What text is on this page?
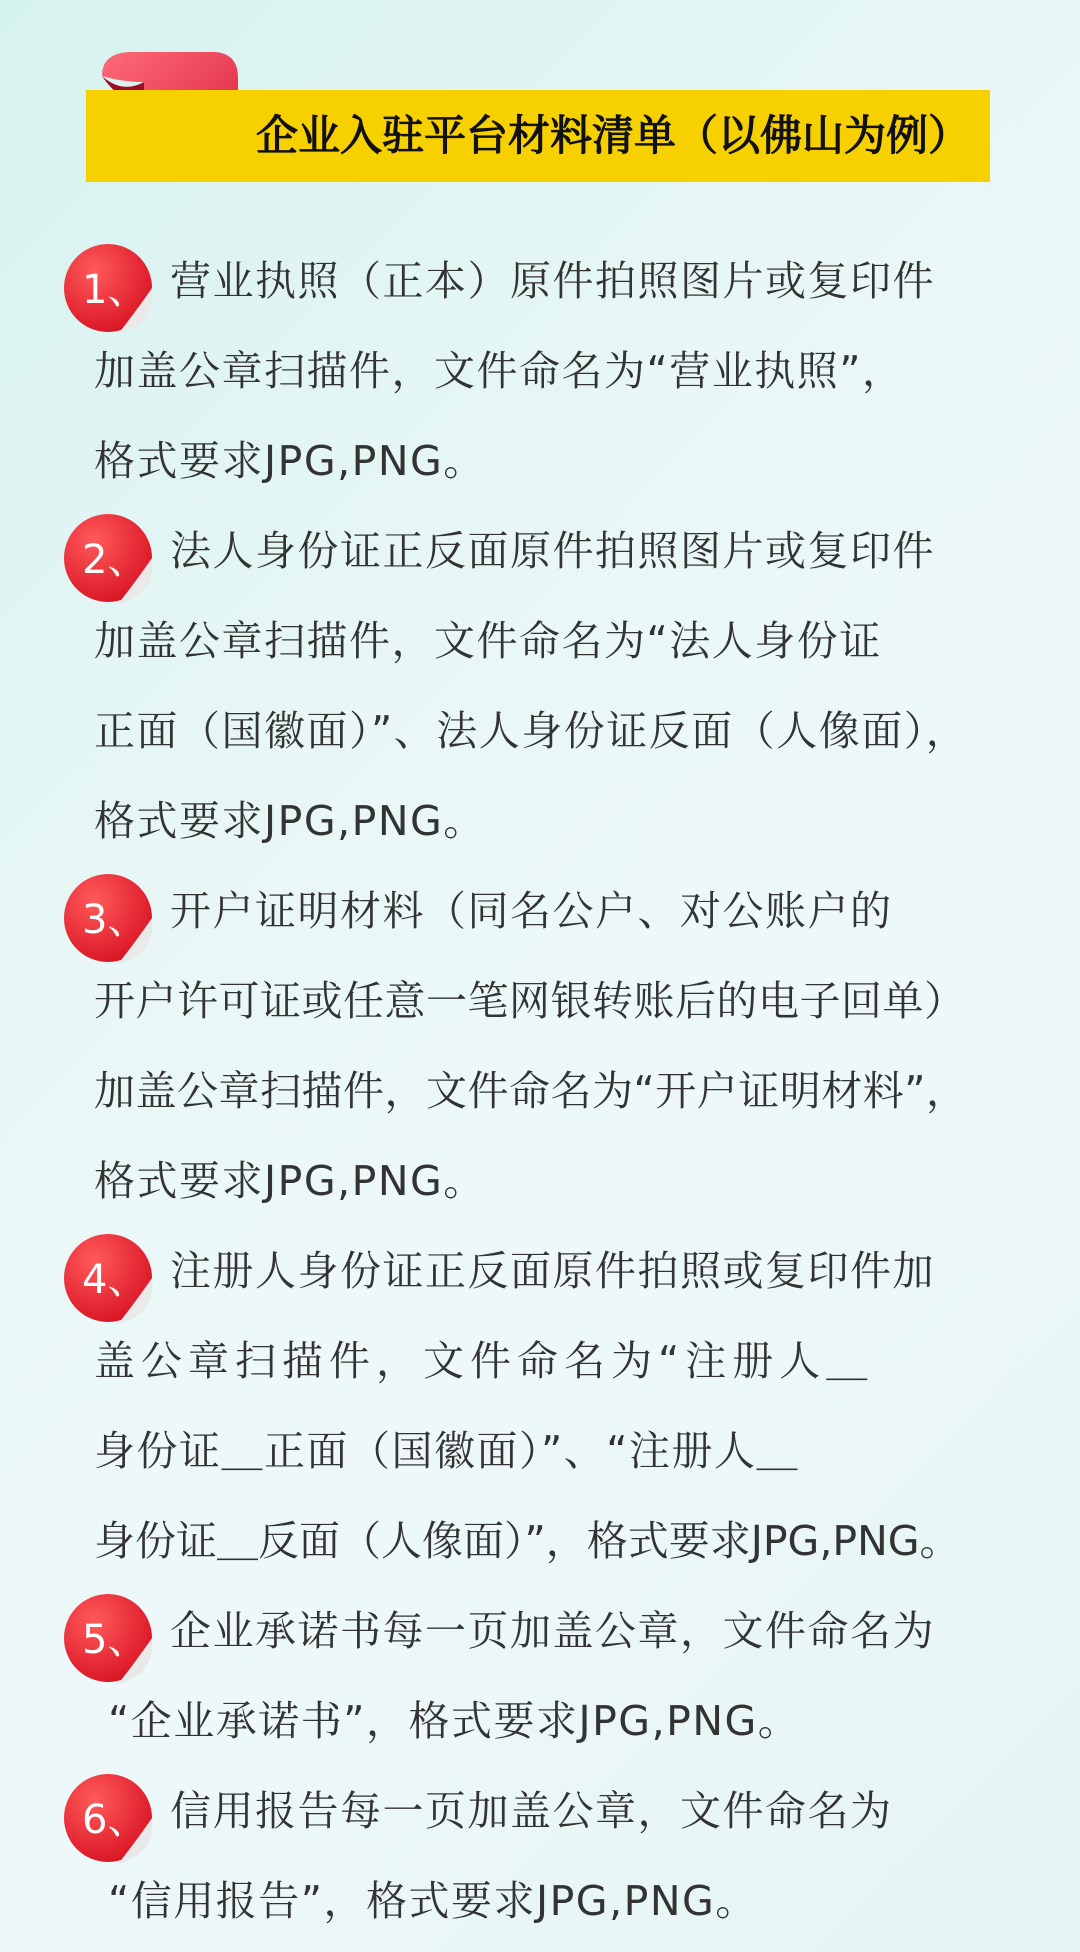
企业入驻平台材料清单（以佛山为例）
1、 营业执照（正本）原件拍照图片或复印件
加盖公章扫描件，文件命名为“营业执照”，
格式要求JPG,PNG。
2、 法人身份证正反面原件拍照图片或复印件
加盖公章扫描件，文件命名为“法人身份证
正面（国徽面）”、法人身份证反面（人像面），
格式要求JPG,PNG。
3、 开户证明材料（同名公户、对公账户的
开户许可证或任意一笔网银转账后的电子回单）
加盖公章扫描件，文件命名为“开户证明材料”，
格式要求JPG,PNG。
4、 注册人身份证正反面原件拍照或复印件加
盖公章扫描件，文件命名为“注册人＿
身份证＿正面（国徽面）”、“注册人＿
身份证＿反面（人像面）”，格式要求JPG,PNG。
5、 企业承诺书每一页加盖公章，文件命名为
“企业承诺书”，格式要求JPG,PNG。
6、 信用报告每一页加盖公章，文件命名为
“信用报告”，格式要求JPG,PNG。
